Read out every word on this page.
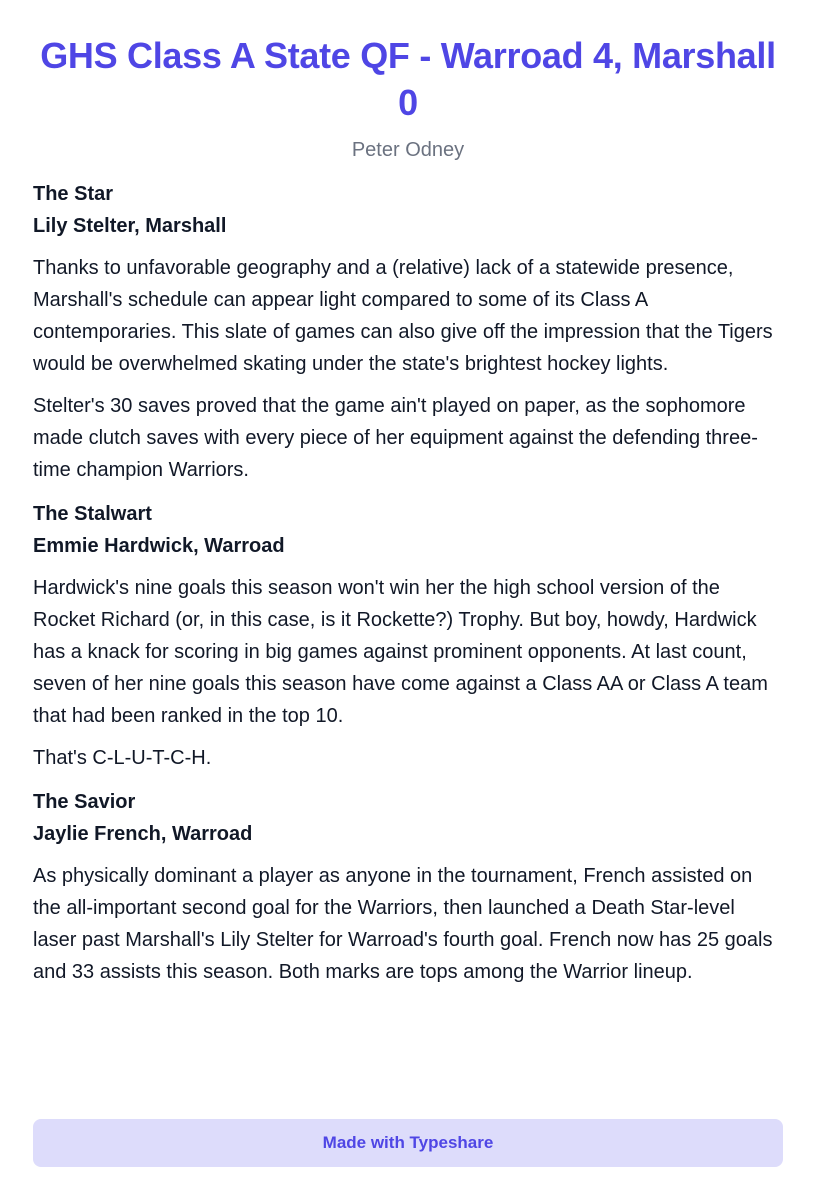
GHS Class A State QF - Warroad 4, Marshall 0

Peter Odney

The Star

Lily Stelter, Marshall

Thanks to unfavorable geography and a (relative) lack of a statewide presence, Marshall's schedule can appear light compared to some of its Class A contemporaries. This slate of games can also give off the impression that the Tigers would be overwhelmed skating under the state's brightest hockey lights.

Stelter's 30 saves proved that the game ain't played on paper, as the sophomore made clutch saves with every piece of her equipment against the defending three-time champion Warriors.

The Stalwart

Emmie Hardwick, Warroad

Hardwick's nine goals this season won't win her the high school version of the Rocket Richard (or, in this case, is it Rockette?) Trophy. But boy, howdy, Hardwick has a knack for scoring in big games against prominent opponents. At last count, seven of her nine goals this season have come against a Class AA or Class A team that had been ranked in the top 10.

That's C-L-U-T-C-H.

The Savior

Jaylie French, Warroad

As physically dominant a player as anyone in the tournament, French assisted on the all-important second goal for the Warriors, then launched a Death Star-level laser past Marshall's Lily Stelter for Warroad's fourth goal. French now has 25 goals and 33 assists this season. Both marks are tops among the Warrior lineup.

Made with Typeshare
